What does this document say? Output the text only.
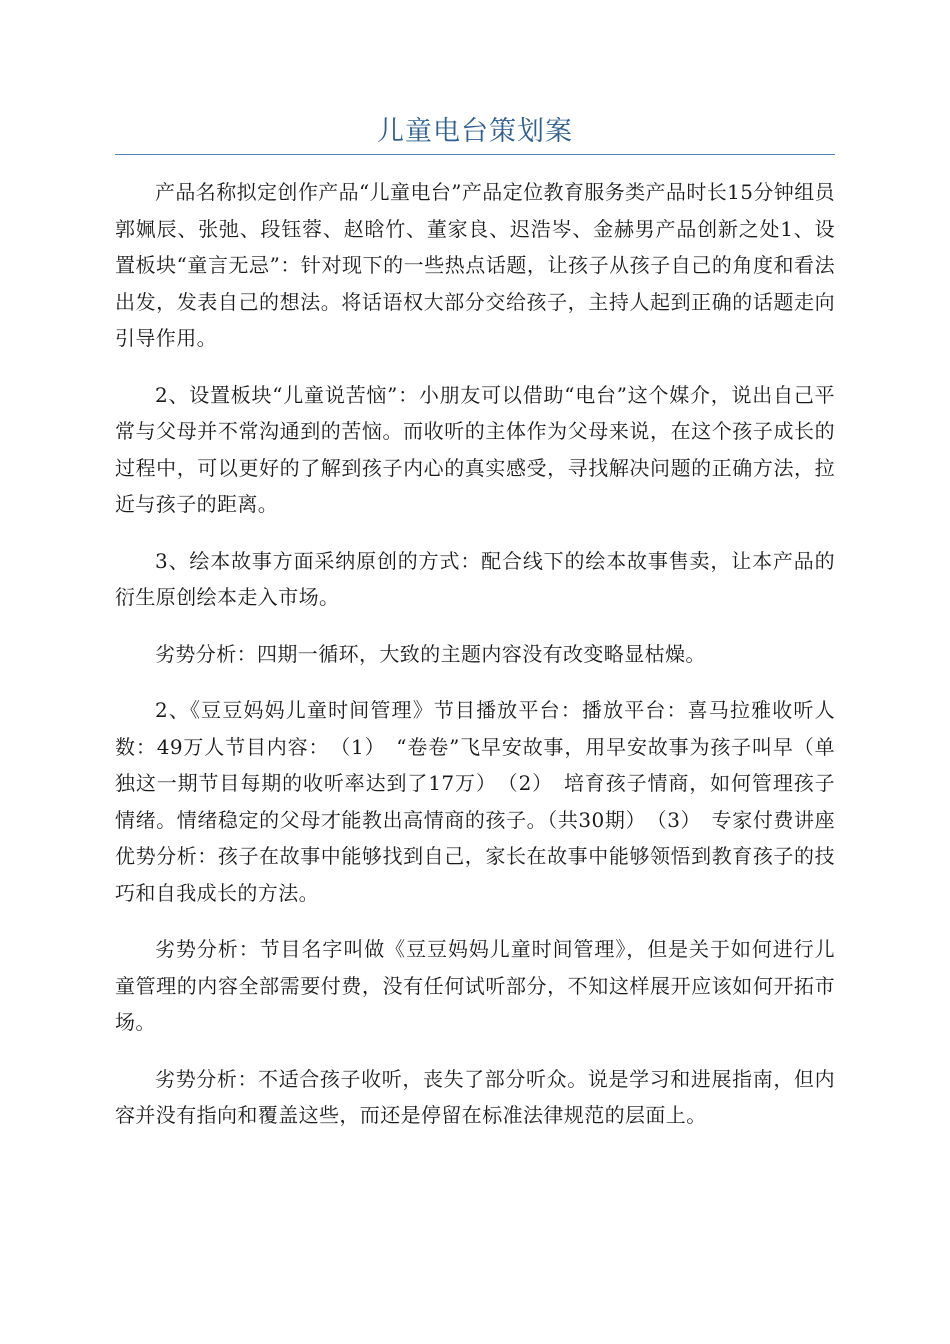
儿童电台策划案

产品名称拟定创作产品“儿童电台”产品定位教育服务类产品时长15分钟组员郭姵辰、张弛、段钰蓉、赵晗竹、董家良、迟浩岑、金赫男产品创新之处1、设置板块“童言无忌”：针对现下的一些热点话题，让孩子从孩子自己的角度和看法出发，发表自己的想法。将话语权大部分交给孩子，主持人起到正确的话题走向引导作用。

2、设置板块“儿童说苦恼”：小朋友可以借助“电台”这个媒介，说出自己平常与父母并不常沟通到的苦恼。而收听的主体作为父母来说，在这个孩子成长的过程中，可以更好的了解到孩子内心的真实感受，寻找解决问题的正确方法，拉近与孩子的距离。

3、绘本故事方面采纳原创的方式：配合线下的绘本故事售卖，让本产品的衍生原创绘本走入市场。

劣势分析：四期一循环，大致的主题内容没有改变略显枯燥。

2、《豆豆妈妈儿童时间管理》节目播放平台：播放平台：喜马拉雅收听人数：49万人节目内容：　（1）　“卷卷”飞早安故事，用早安故事为孩子叫早（单独这一期节目每期的收听率达到了17万）　（2）　培育孩子情商，如何管理孩子情绪。情绪稳定的父母才能教出高情商的孩子。（共30期）　（3）　专家付费讲座优势分析：孩子在故事中能够找到自己，家长在故事中能够领悟到教育孩子的技巧和自我成长的方法。

劣势分析：节目名字叫做《豆豆妈妈儿童时间管理》，但是关于如何进行儿童管理的内容全部需要付费，没有任何试听部分，不知这样展开应该如何开拓市场。

劣势分析：不适合孩子收听，丧失了部分听众。说是学习和进展指南，但内容并没有指向和覆盖这些，而还是停留在标准法律规范的层面上。
